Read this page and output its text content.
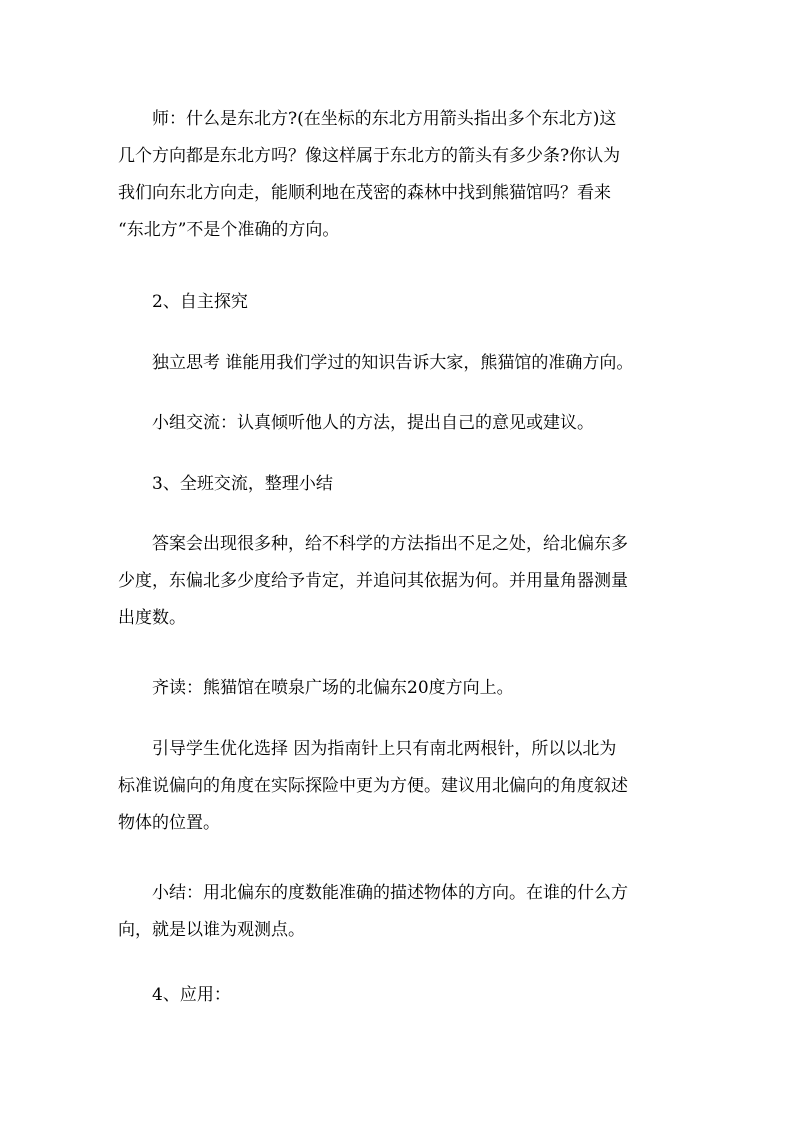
师：什么是东北方?(在坐标的东北方用箭头指出多个东北方)这
几个方向都是东北方吗？像这样属于东北方的箭头有多少条?你认为
我们向东北方向走，能顺利地在茂密的森林中找到熊猫馆吗？看来
“东北方”不是个准确的方向。
2、自主探究
独立思考 谁能用我们学过的知识告诉大家，熊猫馆的准确方向。
小组交流：认真倾听他人的方法，提出自己的意见或建议。
3、全班交流，整理小结
答案会出现很多种，给不科学的方法指出不足之处，给北偏东多
少度，东偏北多少度给予肯定，并追问其依据为何。并用量角器测量
出度数。
齐读：熊猫馆在喷泉广场的北偏东20度方向上。
引导学生优化选择 因为指南针上只有南北两根针，所以以北为
标准说偏向的角度在实际探险中更为方便。建议用北偏向的角度叙述
物体的位置。
小结：用北偏东的度数能准确的描述物体的方向。在谁的什么方
向，就是以谁为观测点。
4、应用：
